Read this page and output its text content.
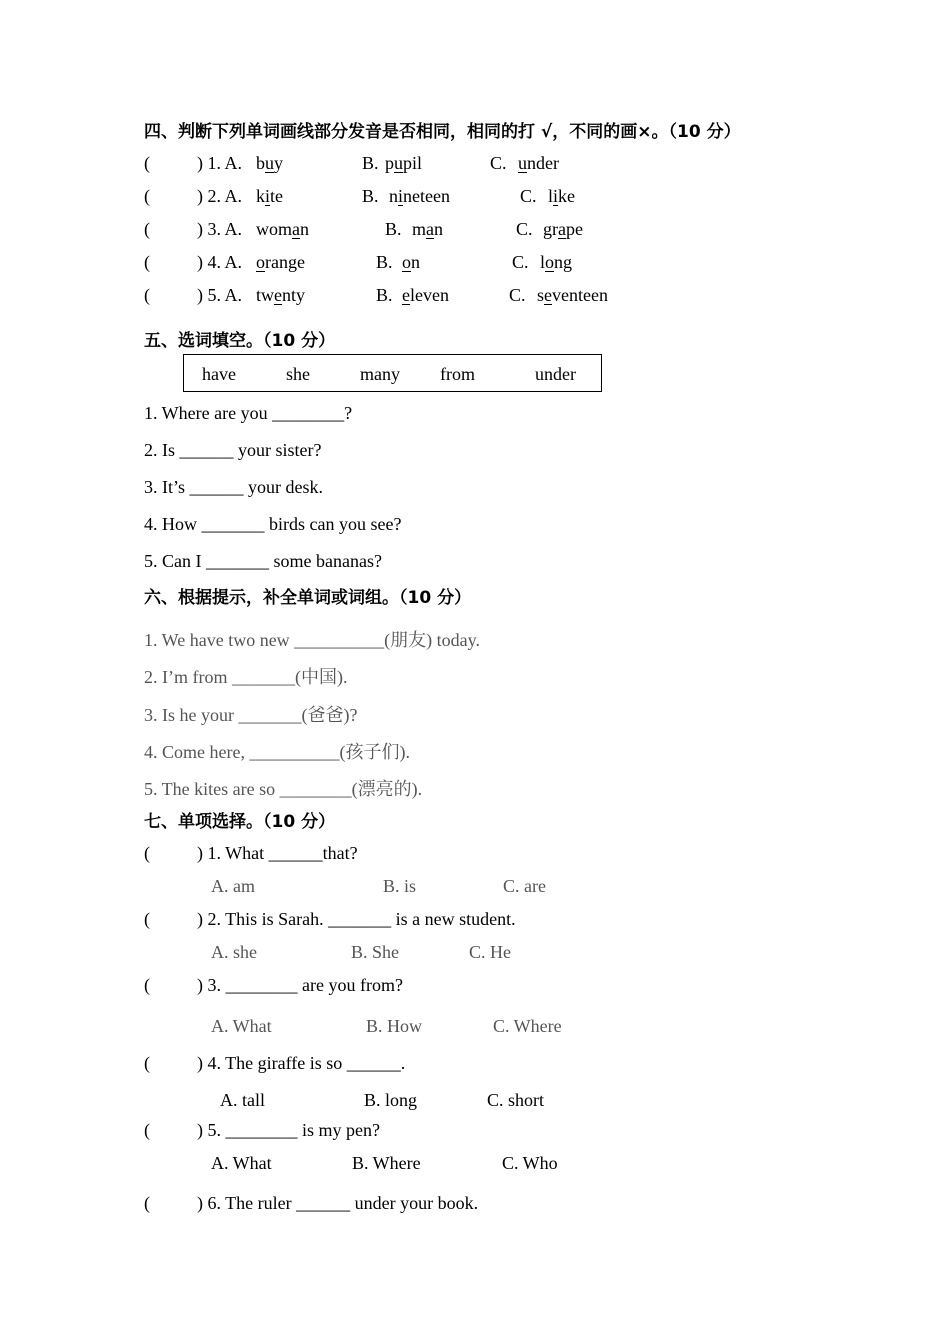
四、判断下列单词画线部分发音是否相同，相同的打 √，不同的画×。（10 分）
(	) 1. A. buy	B. pupil	C. under
(	) 2. A. kite	B. nineteen	C. like
(	) 3. A. woman	B. man	C. grape
(	) 4. A. orange	B. on	C. long
(	) 5. A. twenty	B. eleven	C. seventeen
五、选词填空。（10 分）
have	she	many from	under
1. Where are you ________?
2. Is ______ your sister?
3. It’s ______ your desk.
4. How _______ birds can you see?
5. Can I _______ some bananas?
六、根据提示，补全单词或词组。（10 分）
1. We have two new __________(朋友) today.
2. I’m from _______(中国).
3. Is he your _______(爸爸)?
4. Come here, __________(孩子们).
5. The kites are so ________(漂亮的).
七、单项选择。（10 分）
(	) 1. What ______that?
A. am	B. is	C. are
(	) 2. This is Sarah. _______ is a new student.
A. she	B. She	C. He
(	) 3. ________ are you from?
A. What	B. How	C. Where
(	) 4. The giraffe is so ______.
A. tall	B. long	C. short
(	) 5. ________ is my pen?
A. What	B. Where	C. Who
(	) 6. The ruler ______ under your book.
